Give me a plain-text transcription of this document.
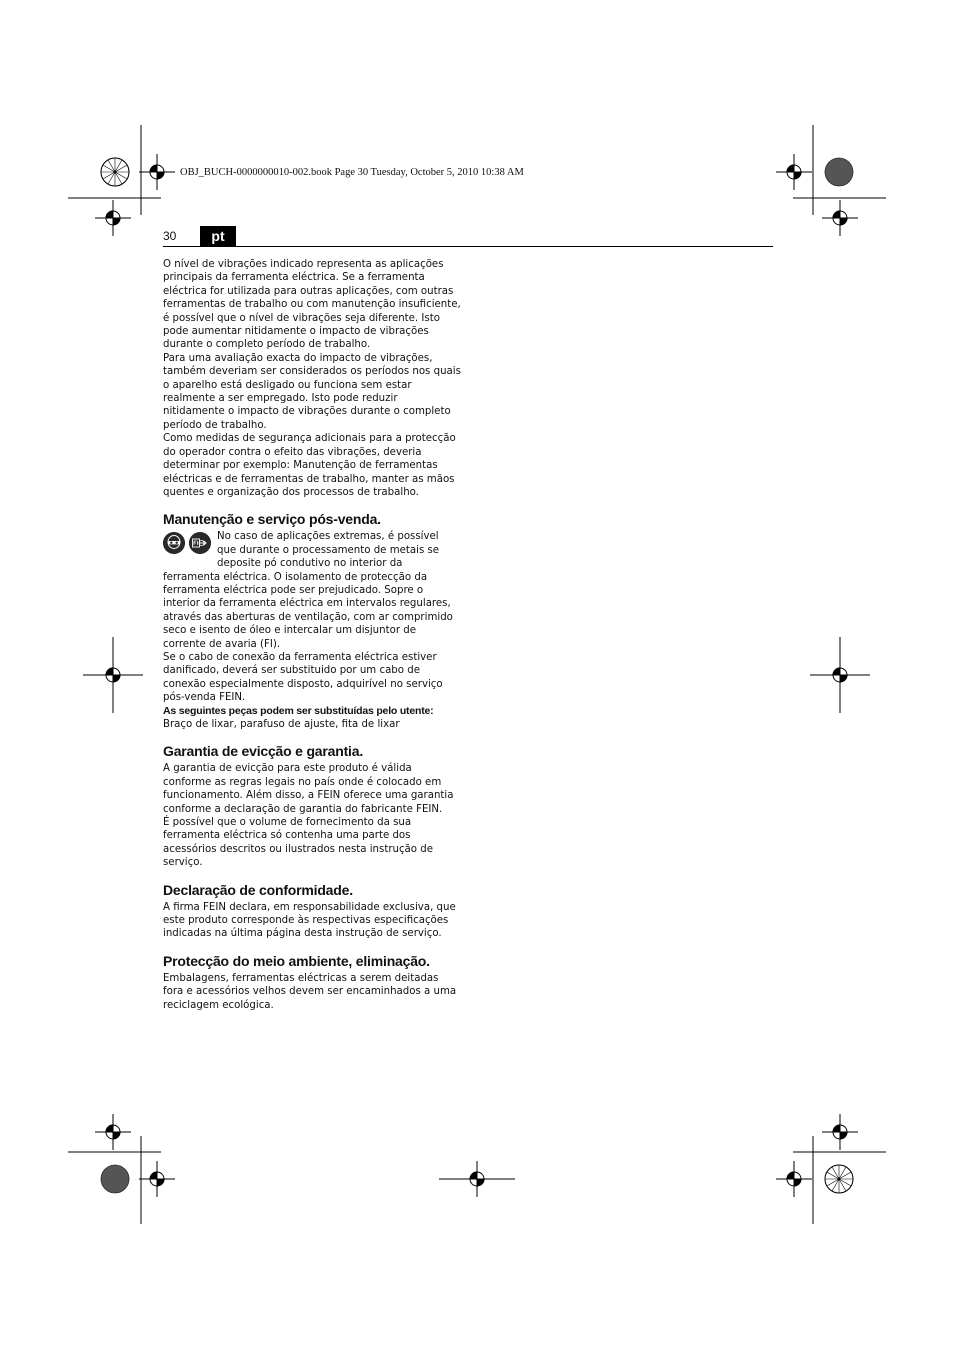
OBJ_BUCH-0000000010-002.book Page 30 Tuesday, October 5, 2010 10:38 AM
30	pt

O nível de vibrações indicado representa as aplicações principais da ferramenta eléctrica. Se a ferramenta eléctrica for utilizada para outras aplicações, com outras ferramentas de trabalho ou com manutenção insuficiente, é possível que o nível de vibrações seja diferente. Isto pode aumentar nitidamente o impacto de vibrações durante o completo período de trabalho.

Para uma avaliação exacta do impacto de vibrações, também deveriam ser considerados os períodos nos quais o aparelho está desligado ou funciona sem estar realmente a ser empregado. Isto pode reduzir nitidamente o impacto de vibrações durante o completo período de trabalho.

Como medidas de segurança adicionais para a protecção do operador contra o efeito das vibrações, deveria determinar por exemplo: Manutenção de ferramentas eléctricas e de ferramentas de trabalho, manter as mãos quentes e organização dos processos de trabalho.

Manutenção e serviço pós-venda.

No caso de aplicações extremas, é possível que durante o processamento de metais se deposite pó condutivo no interior da ferramenta eléctrica. O isolamento de protecção da ferramenta eléctrica pode ser prejudicado. Sopre o interior da ferramenta eléctrica em intervalos regulares, através das aberturas de ventilação, com ar comprimido seco e isento de óleo e intercalar um disjuntor de corrente de avaria (FI).

Se o cabo de conexão da ferramenta eléctrica estiver danificado, deverá ser substituido por um cabo de conexão especialmente disposto, adquirível no serviço pós-venda FEIN.

As seguintes peças podem ser substituídas pelo utente:

Braço de lixar, parafuso de ajuste, fita de lixar

Garantia de evicção e garantia.

A garantia de evicção para este produto é válida conforme as regras legais no país onde é colocado em funcionamento. Além disso, a FEIN oferece uma garantia conforme a declaração de garantia do fabricante FEIN.

É possível que o volume de fornecimento da sua ferramenta eléctrica só contenha uma parte dos acessórios descritos ou ilustrados nesta instrução de serviço.

Declaração de conformidade.

A firma FEIN declara, em responsabilidade exclusiva, que este produto corresponde às respectivas especificações indicadas na última página desta instrução de serviço.

Protecção do meio ambiente, eliminação.

Embalagens, ferramentas eléctricas a serem deitadas fora e acessórios velhos devem ser encaminhados a uma reciclagem ecológica.
